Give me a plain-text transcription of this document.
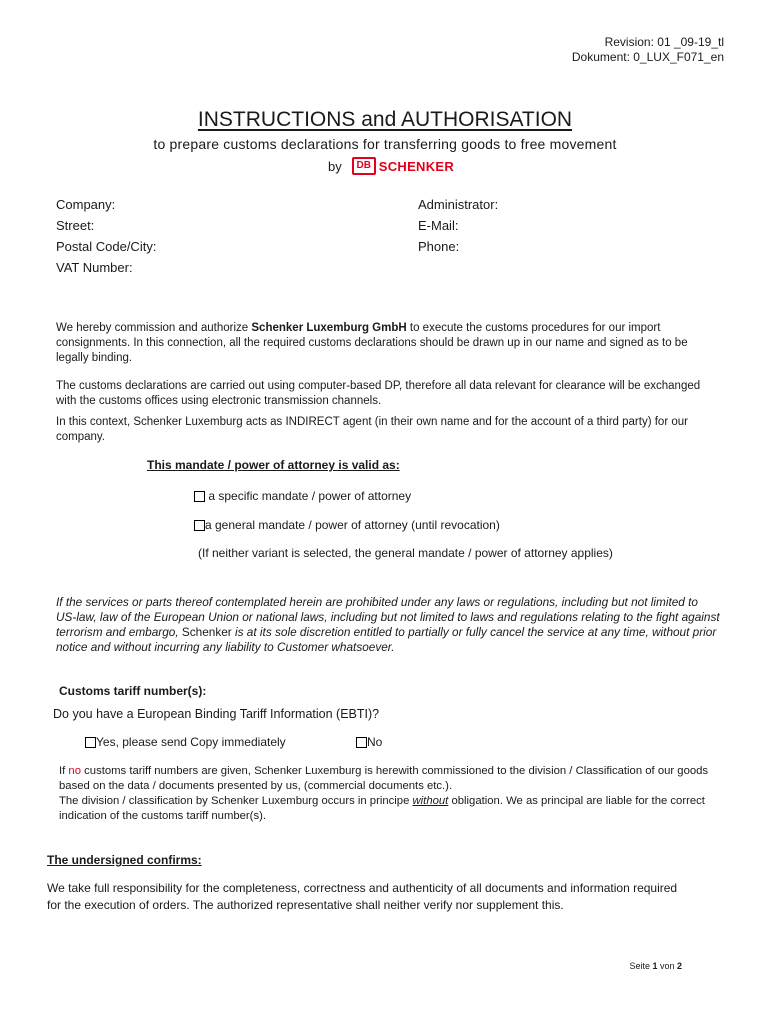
Revision: 01 _09-19_tl
Dokument: 0_LUX_F071_en
INSTRUCTIONS and AUTHORISATION
to prepare customs declarations for transferring goods to free movement
by	DB SCHENKER
Company:
Street:
Postal Code/City:
VAT Number:
Administrator:
E-Mail:
Phone:
We hereby commission and authorize Schenker Luxemburg GmbH to execute the customs procedures for our import consignments. In this connection, all the required customs declarations should be drawn up in our name and signed as to be legally binding.
The customs declarations are carried out using computer-based DP, therefore all data relevant for clearance will be exchanged with the customs offices using electronic transmission channels.
In this context, Schenker Luxemburg acts as INDIRECT agent (in their own name and for the account of a third party) for our company.
This mandate / power of attorney is valid as:
a specific mandate / power of attorney
a general mandate / power of attorney (until revocation)
(If neither variant is selected, the general mandate / power of attorney applies)
If the services or parts thereof contemplated herein are prohibited under any laws or regulations, including but not limited to US-law, law of the European Union or national laws, including but not limited to laws and regulations relating to the fight against terrorism and embargo, Schenker is at its sole discretion entitled to partially or fully cancel the service at any time, without prior notice and without incurring any liability to Customer whatsoever.
Customs tariff number(s):
Do you have a European Binding Tariff Information (EBTI)?
Yes, please send Copy immediately	No
If no customs tariff numbers are given, Schenker Luxemburg is herewith commissioned to the division / Classification of our goods based on the data / documents presented by us, (commercial documents etc.).
The division / classification by Schenker Luxemburg occurs in principe without obligation. We as principal are liable for the correct indication of the customs tariff number(s).
The undersigned confirms:
We take full responsibility for the completeness, correctness and authenticity of all documents and information required for the execution of orders. The authorized representative shall neither verify nor supplement this.
Seite 1 von 2
